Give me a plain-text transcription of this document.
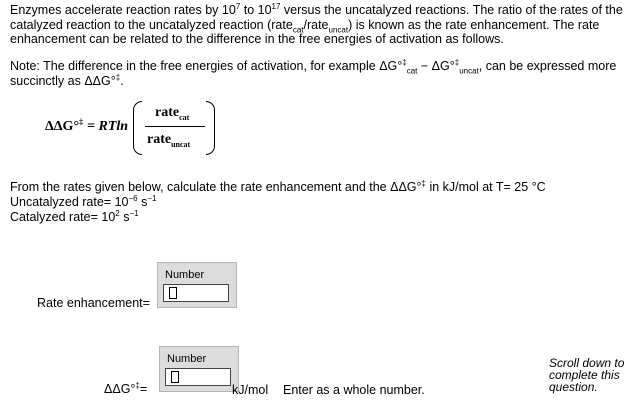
Enzymes accelerate reaction rates by $10^7$ to $10^{17}$ versus the uncatalyzed reactions. The ratio of the rates of the catalyzed reaction to the uncatalyzed reaction (rate$_{cat}$/rate$_{uncat}$) is known as the rate enhancement. The rate enhancement can be related to the difference in the free energies of activation as follows.
Note: The difference in the free energies of activation, for example $\Delta G^\circ^\ddagger_{cat} - \Delta G^\circ^\ddagger_{uncat}$, can be expressed more succinctly as ΔΔG°‡.
ΔΔG°‡ = RTln
rate$_{cat}$
rate$_{uncat}$
From the rates given below, calculate the rate enhancement and the ΔΔG°‡ in kJ/mol at T= 25 °C
Uncatalyzed rate= $10^{-6}$ $s^{-1}$
Catalyzed rate= $10^2$ $s^{-1}$
Rate enhancement=
Number
ΔΔG°‡=
Number
kJ/mol Enter as a whole number.
Scroll down to
complete this
question.
